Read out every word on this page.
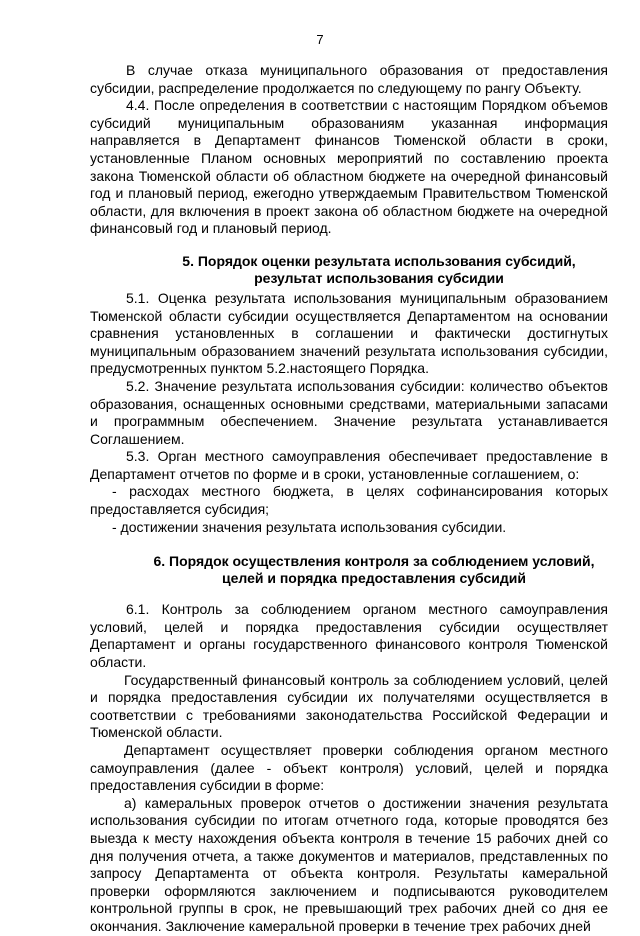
7

В случае отказа муниципального образования от предоставления субсидии, распределение продолжается по следующему по рангу Объекту.

4.4. После определения в соответствии с настоящим Порядком объемов субсидий муниципальным образованиям указанная информация направляется в Департамент финансов Тюменской области в сроки, установленные Планом основных мероприятий по составлению проекта закона Тюменской области об областном бюджете на очередной финансовый год и плановый период, ежегодно утверждаемым Правительством Тюменской области, для включения в проект закона об областном бюджете на очередной финансовый год и плановый период.

5. Порядок оценки результата использования субсидий,
результат использования субсидии

5.1. Оценка результата использования муниципальным образованием Тюменской области субсидии осуществляется Департаментом на основании сравнения установленных в соглашении и фактически достигнутых муниципальным образованием значений результата использования субсидии, предусмотренных пунктом 5.2.настоящего Порядка.

5.2. Значение результата использования субсидии: количество объектов образования, оснащенных основными средствами, материальными запасами и программным обеспечением. Значение результата устанавливается Соглашением.

5.3. Орган местного самоуправления обеспечивает предоставление в Департамент отчетов по форме и в сроки, установленные соглашением, о:

- расходах местного бюджета, в целях софинансирования которых предоставляется субсидия;

- достижении значения результата использования субсидии.

6. Порядок осуществления контроля за соблюдением условий,
целей и порядка предоставления субсидий

6.1. Контроль за соблюдением органом местного самоуправления условий, целей и порядка предоставления субсидии осуществляет Департамент и органы государственного финансового контроля Тюменской области.

Государственный финансовый контроль за соблюдением условий, целей и порядка предоставления субсидии их получателями осуществляется в соответствии с требованиями законодательства Российской Федерации и Тюменской области.

Департамент осуществляет проверки соблюдения органом местного самоуправления (далее - объект контроля) условий, целей и порядка предоставления субсидии в форме:

а) камеральных проверок отчетов о достижении значения результата использования субсидии по итогам отчетного года, которые проводятся без выезда к месту нахождения объекта контроля в течение 15 рабочих дней со дня получения отчета, а также документов и материалов, представленных по запросу Департамента от объекта контроля. Результаты камеральной проверки оформляются заключением и подписываются руководителем контрольной группы в срок, не превышающий трех рабочих дней со дня ее окончания. Заключение камеральной проверки в течение трех рабочих дней
